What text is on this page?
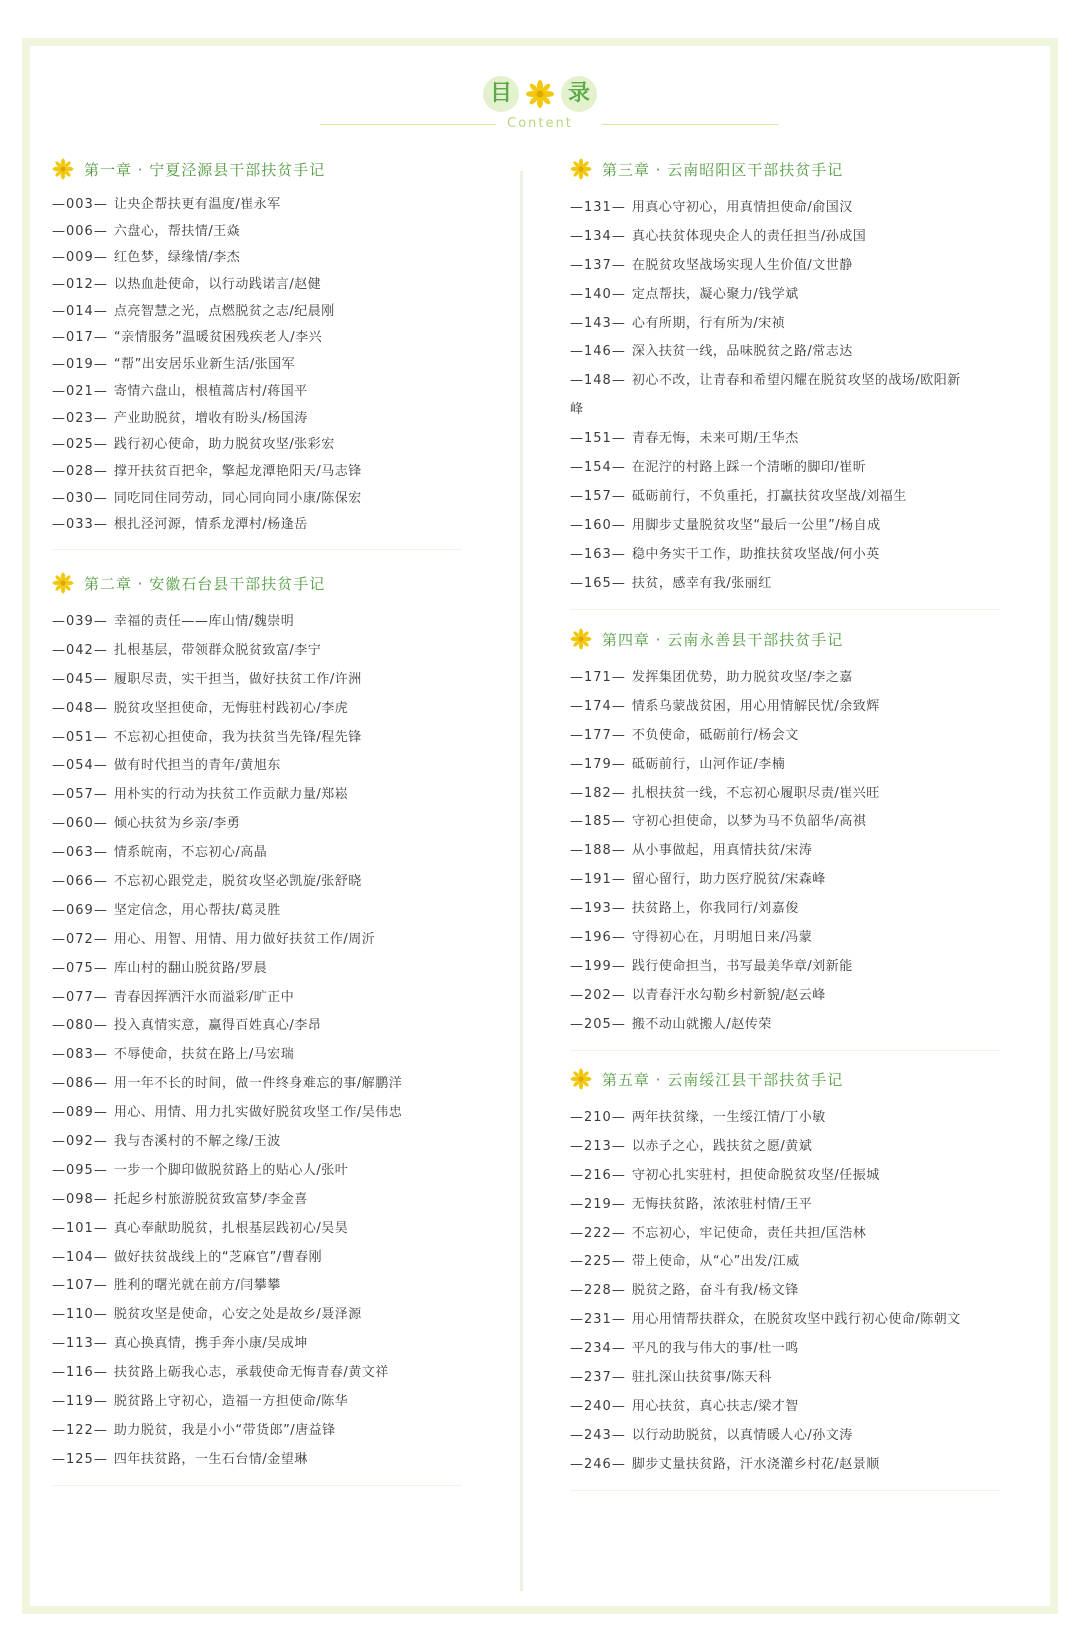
目	录
Content
第一章 · 宁夏泾源县干部扶贫手记
—003— 让央企帮扶更有温度/崔永军
—006— 六盘心，帮扶情/王焱
—009— 红色梦，绿缘情/李杰
—012— 以热血赴使命，以行动践诺言/赵健
—014— 点亮智慧之光，点燃脱贫之志/纪晨刚
—017— “亲情服务”温暖贫困残疾老人/李兴
—019— “帮”出安居乐业新生活/张国军
—021— 寄情六盘山，根植蒿店村/蒋国平
—023— 产业助脱贫，增收有盼头/杨国涛
—025— 践行初心使命，助力脱贫攻坚/张彩宏
—028— 撑开扶贫百把伞，擎起龙潭艳阳天/马志锋
—030— 同吃同住同劳动，同心同向同小康/陈保宏
—033— 根扎泾河源，情系龙潭村/杨逢岳
第二章 · 安徽石台县干部扶贫手记
—039— 幸福的责任——库山情/魏崇明
—042— 扎根基层，带领群众脱贫致富/李宁
—045— 履职尽责，实干担当，做好扶贫工作/许洲
—048— 脱贫攻坚担使命，无悔驻村践初心/李虎
—051— 不忘初心担使命，我为扶贫当先锋/程先锋
—054— 做有时代担当的青年/黄旭东
—057— 用朴实的行动为扶贫工作贡献力量/郑崧
—060— 倾心扶贫为乡亲/李勇
—063— 情系皖南，不忘初心/高晶
—066— 不忘初心跟党走，脱贫攻坚必凯旋/张舒晓
—069— 坚定信念，用心帮扶/葛灵胜
—072— 用心、用智、用情、用力做好扶贫工作/周沂
—075— 库山村的翻山脱贫路/罗晨
—077— 青春因挥洒汗水而溢彩/旷正中
—080— 投入真情实意，赢得百姓真心/李昂
—083— 不辱使命，扶贫在路上/马宏瑞
—086— 用一年不长的时间，做一件终身难忘的事/解鹏洋
—089— 用心、用情、用力扎实做好脱贫攻坚工作/吴伟忠
—092— 我与杏溪村的不解之缘/王波
—095— 一步一个脚印做脱贫路上的贴心人/张叶
—098— 托起乡村旅游脱贫致富梦/李金喜
—101— 真心奉献助脱贫，扎根基层践初心/吴昊
—104— 做好扶贫战线上的“芝麻官”/曹春刚
—107— 胜利的曙光就在前方/闫攀攀
—110— 脱贫攻坚是使命，心安之处是故乡/聂泽源
—113— 真心换真情，携手奔小康/吴成坤
—116— 扶贫路上砺我心志，承载使命无悔青春/黄文祥
—119— 脱贫路上守初心，造福一方担使命/陈华
—122— 助力脱贫，我是小小“带货郎”/唐益锋
—125— 四年扶贫路，一生石台情/金望琳
第三章 · 云南昭阳区干部扶贫手记
—131— 用真心守初心，用真情担使命/俞国汉
—134— 真心扶贫体现央企人的责任担当/孙成国
—137— 在脱贫攻坚战场实现人生价值/文世静
—140— 定点帮扶，凝心聚力/钱学斌
—143— 心有所期，行有所为/宋祯
—146— 深入扶贫一线，品味脱贫之路/常志达
—148— 初心不改，让青春和希望闪耀在脱贫攻坚的战场/欧阳新
峰
—151— 青春无悔，未来可期/王华杰
—154— 在泥泞的村路上踩一个清晰的脚印/崔昕
—157— 砥砺前行，不负重托，打赢扶贫攻坚战/刘福生
—160— 用脚步丈量脱贫攻坚“最后一公里”/杨自成
—163— 稳中务实干工作，助推扶贫攻坚战/何小英
—165— 扶贫，感幸有我/张丽红
第四章 · 云南永善县干部扶贫手记
—171— 发挥集团优势，助力脱贫攻坚/李之嘉
—174— 情系乌蒙战贫困，用心用情解民忧/余致辉
—177— 不负使命，砥砺前行/杨会文
—179— 砥砺前行，山河作证/李楠
—182— 扎根扶贫一线，不忘初心履职尽责/崔兴旺
—185— 守初心担使命，以梦为马不负韶华/高祺
—188— 从小事做起，用真情扶贫/宋涛
—191— 留心留行，助力医疗脱贫/宋森峰
—193— 扶贫路上，你我同行/刘嘉俊
—196— 守得初心在，月明旭日来/冯蒙
—199— 践行使命担当，书写最美华章/刘新能
—202— 以青春汗水勾勒乡村新貌/赵云峰
—205— 搬不动山就搬人/赵传荣
第五章 · 云南绥江县干部扶贫手记
—210— 两年扶贫缘，一生绥江情/丁小敏
—213— 以赤子之心，践扶贫之愿/黄斌
—216— 守初心扎实驻村，担使命脱贫攻坚/任振城
—219— 无悔扶贫路，浓浓驻村情/王平
—222— 不忘初心，牢记使命，责任共担/匡浩林
—225— 带上使命，从“心”出发/江威
—228— 脱贫之路，奋斗有我/杨文锋
—231— 用心用情帮扶群众，在脱贫攻坚中践行初心使命/陈朝文
—234— 平凡的我与伟大的事/杜一鸣
—237— 驻扎深山扶贫事/陈天科
—240— 用心扶贫，真心扶志/梁才智
—243— 以行动助脱贫，以真情暖人心/孙文涛
—246— 脚步丈量扶贫路，汗水浇灌乡村花/赵景顺
